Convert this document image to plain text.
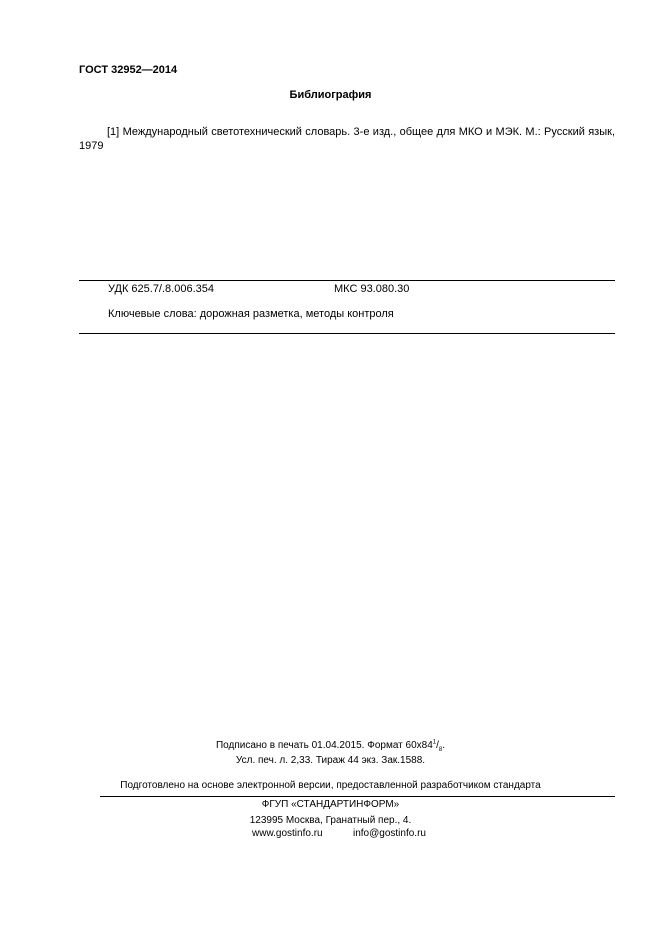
ГОСТ 32952—2014
Библиография
[1] Международный светотехнический словарь. 3-е изд., общее для МКО и МЭК. М.: Русский язык, 1979
УДК 625.7/.8.006.354	МКС 93.080.30
Ключевые слова: дорожная разметка, методы контроля
Подписано в печать 01.04.2015. Формат $60x84^1/_8$.
Усл. печ. л. 2,33. Тираж 44 экз. Зак.1588.
Подготовлено на основе электронной версии, предоставленной разработчиком стандарта
ФГУП «СТАНДАРТИНФОРМ»
123995 Москва, Гранатный пер., 4.
www.gostinfo.ru	info@gostinfo.ru
